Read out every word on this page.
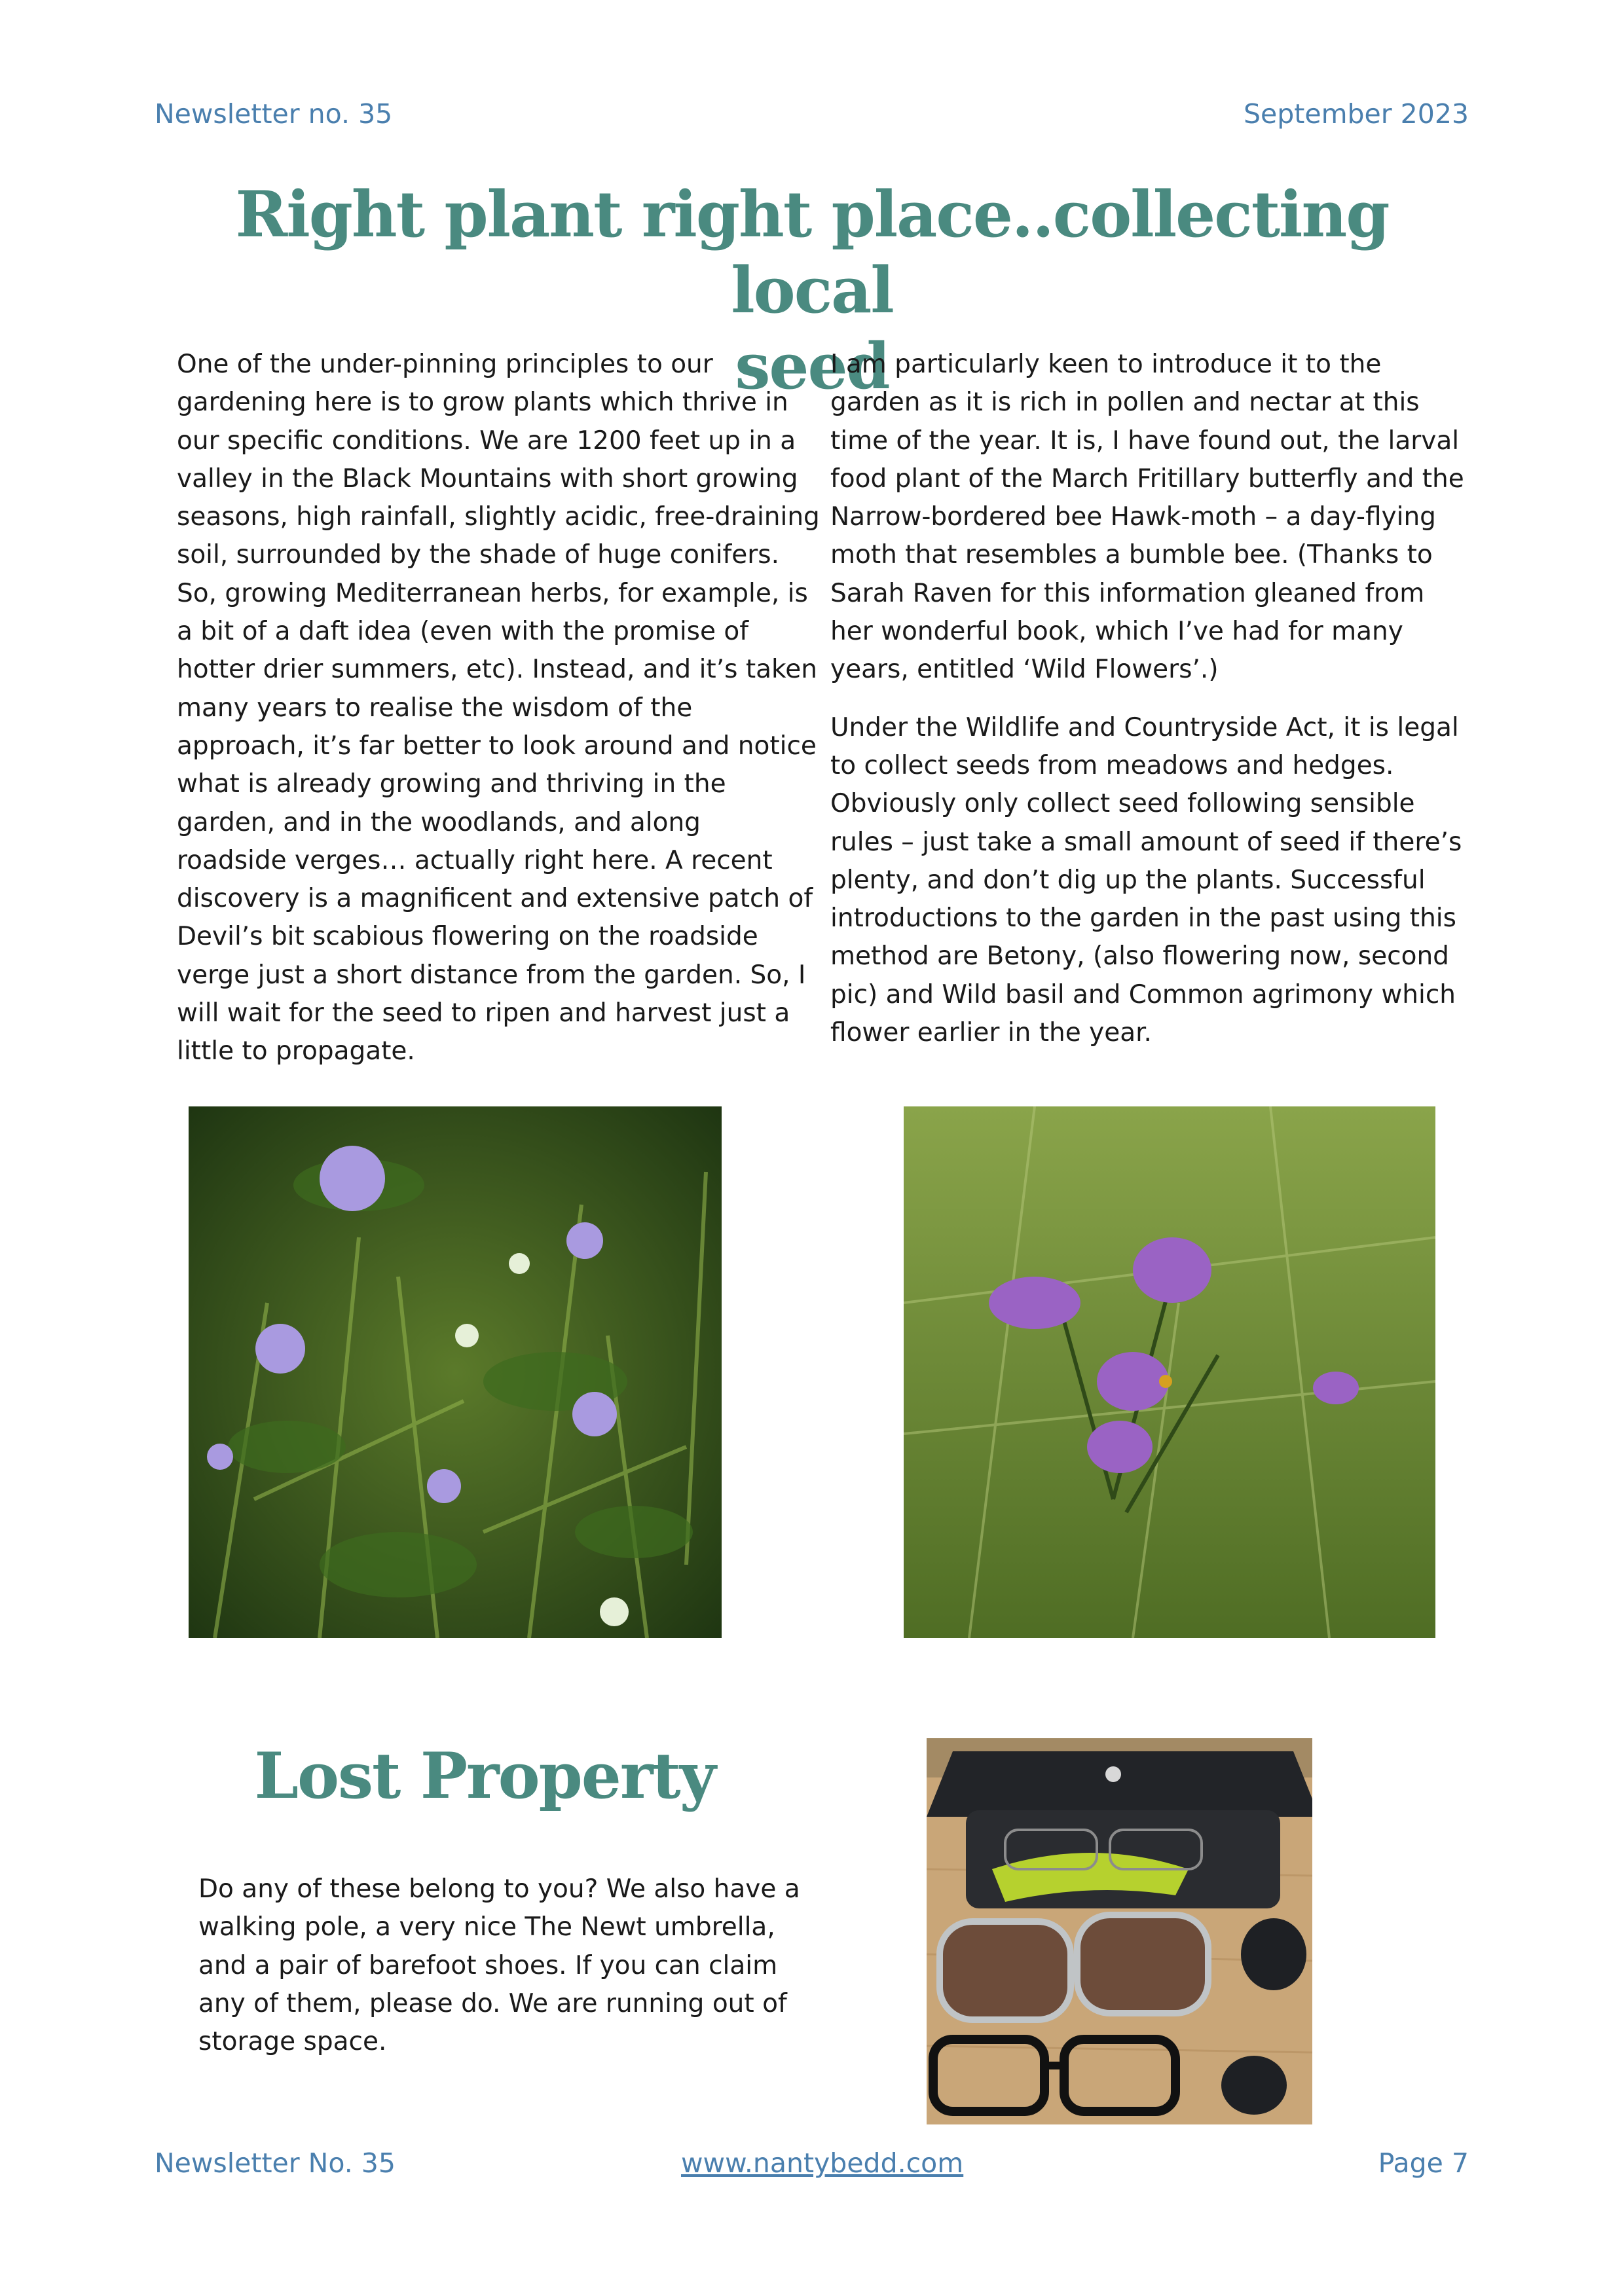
Newsletter no. 35	September 2023
Right plant right place..collecting local
seed

One of the under-pinning principles to our
gardening here is to grow plants which thrive in
our specific conditions. We are 1200 feet up in a
valley in the Black Mountains with short growing
seasons, high rainfall, slightly acidic, free-draining
soil, surrounded by the shade of huge conifers.
So, growing Mediterranean herbs, for example, is
a bit of a daft idea (even with the promise of
hotter drier summers, etc). Instead, and it’s taken
many years to realise the wisdom of the
approach, it’s far better to look around and notice
what is already growing and thriving in the
garden, and in the woodlands, and along
roadside verges… actually right here. A recent
discovery is a magnificent and extensive patch of
Devil’s bit scabious flowering on the roadside
verge just a short distance from the garden. So, I
will wait for the seed to ripen and harvest just a
little to propagate.

I am particularly keen to introduce it to the
garden as it is rich in pollen and nectar at this
time of the year. It is, I have found out, the larval
food plant of the March Fritillary butterfly and the
Narrow-bordered bee Hawk-moth – a day-flying
moth that resembles a bumble bee. (Thanks to
Sarah Raven for this information gleaned from
her wonderful book, which I’ve had for many
years, entitled ‘Wild Flowers’.)

Under the Wildlife and Countryside Act, it is legal
to collect seeds from meadows and hedges.
Obviously only collect seed following sensible
rules – just take a small amount of seed if there’s
plenty, and don’t dig up the plants. Successful
introductions to the garden in the past using this
method are Betony, (also flowering now, second
pic) and Wild basil and Common agrimony which
flower earlier in the year.

Lost Property

Do any of these belong to you? We also have a
walking pole, a very nice The Newt umbrella,
and a pair of barefoot shoes. If you can claim
any of them, please do. We are running out of
storage space.

Newsletter No. 35	www.nantybedd.com	Page 7
